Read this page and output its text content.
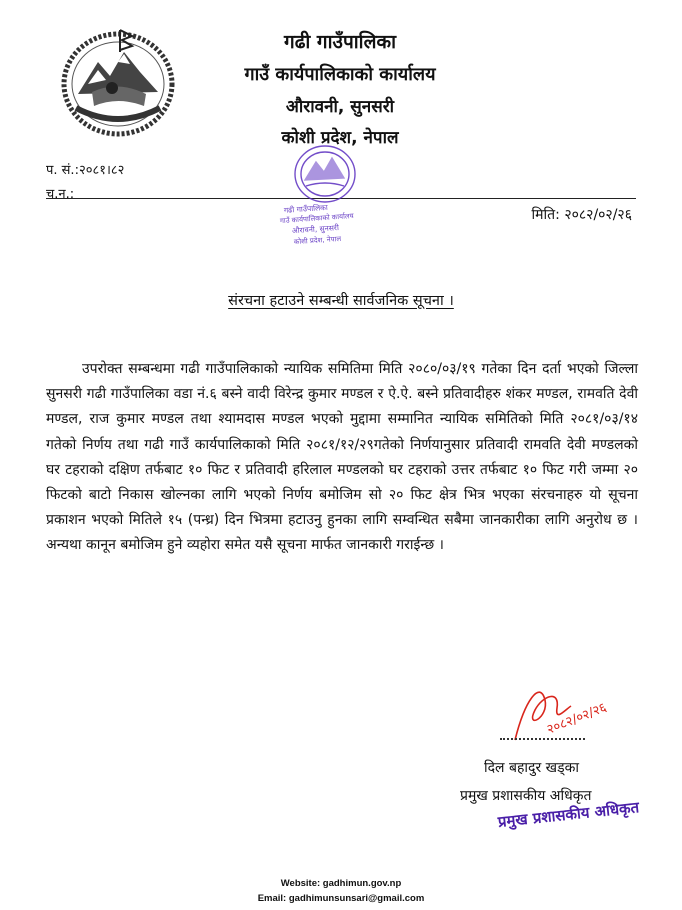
गढी गाउँपालिका
गाउँ कार्यपालिकाको कार्यालय
औरावनी, सुनसरी
कोशी प्रदेश, नेपाल
प. सं.:२०८१।८२
च.न.:
मिति: २०८२/०२/२६
गढी गाउँपालिका
गाउँ कार्यपालिकाको कार्यालय
औरावनी, सुनसरी
कोशी प्रदेश, नेपाल
संरचना हटाउने सम्बन्धी सार्वजनिक सूचना ।

उपरोक्त सम्बन्धमा गढी गाउँपालिकाको न्यायिक समितिमा मिति २०८०/०३/१९ गतेका दिन दर्ता भएको जिल्ला सुनसरी गढी गाउँपालिका वडा नं.६ बस्ने वादी विरेन्द्र कुमार मण्डल र ऐ.ऐ. बस्ने प्रतिवादीहरु शंकर मण्डल, रामवति देवी मण्डल, राज कुमार मण्डल तथा श्यामदास मण्डल भएको मुद्दामा सम्मानित न्यायिक समितिको मिति २०८१/०३/१४ गतेको निर्णय तथा गढी गाउँ कार्यपालिकाको मिति २०८१/१२/२९गतेको निर्णयानुसार प्रतिवादी रामवति देवी मण्डलको घर टहराको दक्षिण तर्फबाट १० फिट र प्रतिवादी हरिलाल मण्डलको घर टहराको उत्तर तर्फबाट १० फिट गरी जम्मा २० फिटको बाटो निकास खोल्नका लागि भएको निर्णय बमोजिम सो २० फिट क्षेत्र भित्र भएका संरचनाहरु यो सूचना प्रकाशन भएको मितिले १५ (पन्ध्र) दिन भित्रमा हटाउनु हुनका लागि सम्वन्धित सबैमा जानकारीका लागि अनुरोध छ । अन्यथा कानून बमोजिम हुने व्यहोरा समेत यसै सूचना मार्फत जानकारी गराईन्छ ।

२०८२/०२/२६
दिल बहादुर खड्का
प्रमुख प्रशासकीय अधिकृत
प्रमुख प्रशासकीय अधिकृत
Website: gadhimun.gov.np
Email: gadhimunsunsari@gmail.com
